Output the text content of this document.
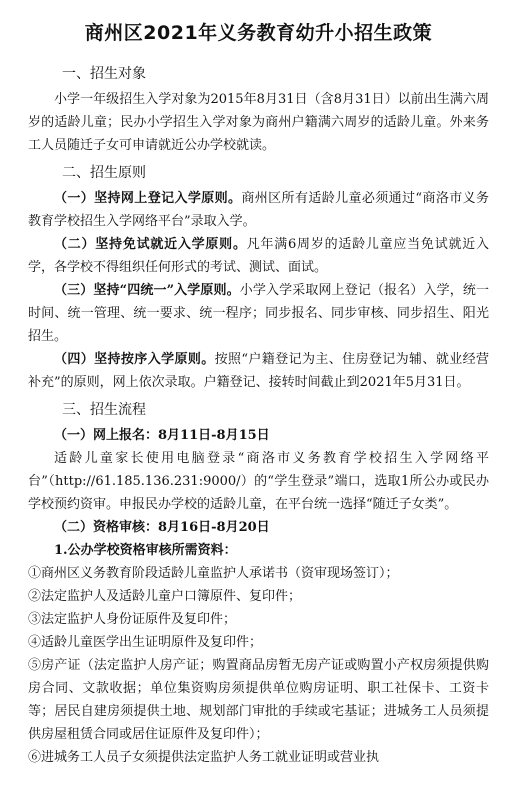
商州区2021年义务教育幼升小招生政策
一、招生对象

小学一年级招生入学对象为2015年8月31日（含8月31日）以前出生满六周岁的适龄儿童；民办小学招生入学对象为商州户籍满六周岁的适龄儿童。外来务工人员随迁子女可申请就近公办学校就读。

二、招生原则

（一）坚持网上登记入学原则。商州区所有适龄儿童必须通过“商洛市义务教育学校招生入学网络平台”录取入学。

（二）坚持免试就近入学原则。凡年满6周岁的适龄儿童应当免试就近入学，各学校不得组织任何形式的考试、测试、面试。

（三）坚持“四统一”入学原则。小学入学采取网上登记（报名）入学，统一时间、统一管理、统一要求、统一程序；同步报名、同步审核、同步招生、阳光招生。

（四）坚持按序入学原则。按照“户籍登记为主、住房登记为辅、就业经营补充”的原则，网上依次录取。户籍登记、接转时间截止到2021年5月31日。

三、招生流程

（一）网上报名：8月11日-8月15日

适龄儿童家长使用电脑登录“商洛市义务教育学校招生入学网络平台”（http://61.185.136.231:9000/）的“学生登录”端口，选取1所公办或民办学校预约资审。申报民办学校的适龄儿童，在平台统一选择“随迁子女类”。

（二）资格审核：8月16日-8月20日

1.公办学校资格审核所需资料：

①商州区义务教育阶段适龄儿童监护人承诺书（资审现场签订）；

②法定监护人及适龄儿童户口簿原件、复印件；

③法定监护人身份证原件及复印件；

④适龄儿童医学出生证明原件及复印件；

⑤房产证（法定监护人房产证；购置商品房暂无房产证或购置小产权房须提供购房合同、文款收据；单位集资购房须提供单位购房证明、职工社保卡、工资卡等；居民自建房须提供土地、规划部门审批的手续或宅基证；进城务工人员须提供房屋租赁合同或居住证原件及复印件）；

⑥进城务工人员子女须提供法定监护人务工就业证明或营业执
